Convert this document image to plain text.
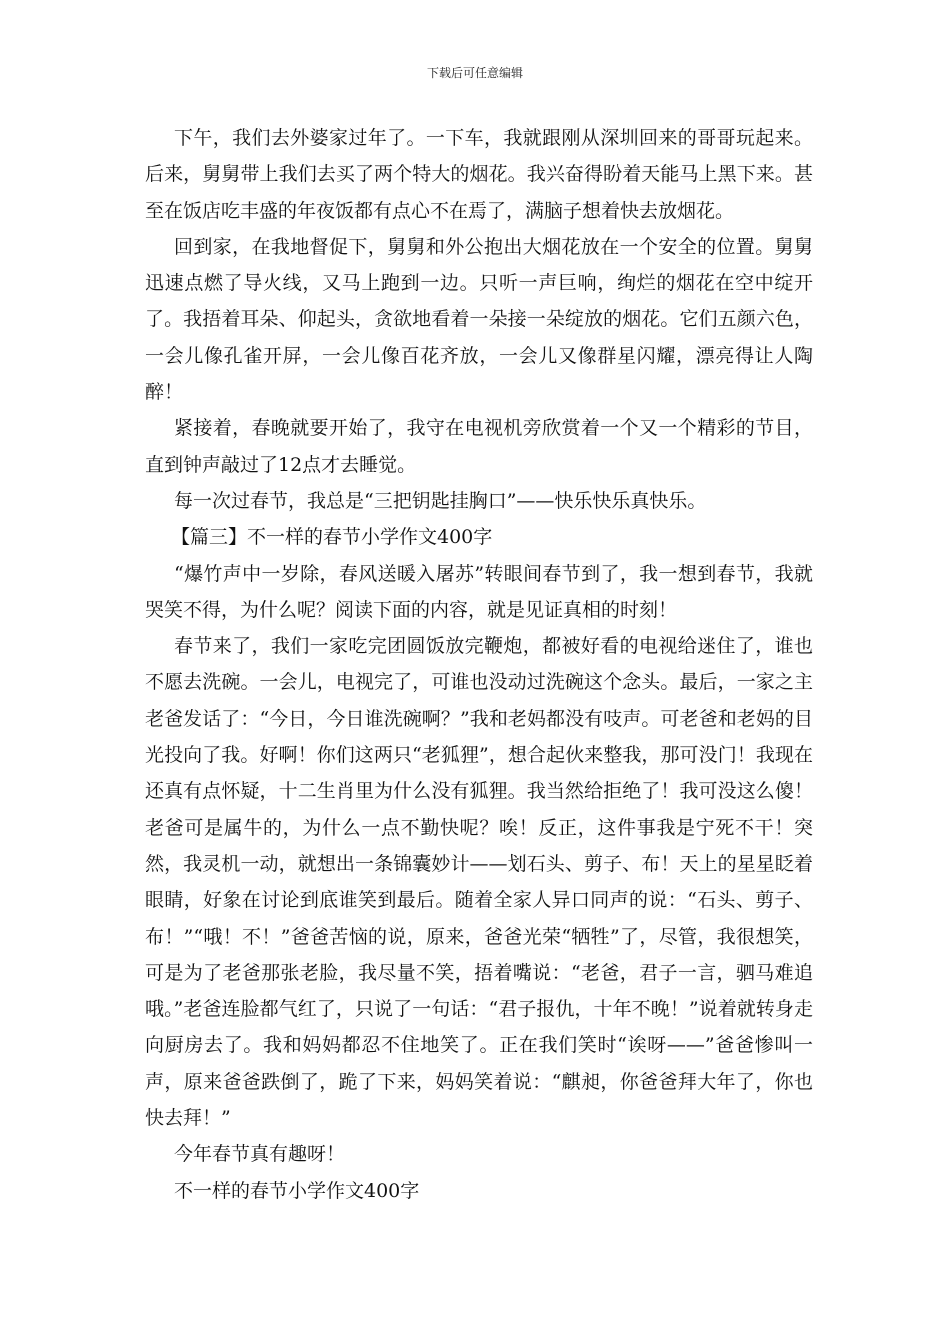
下载后可任意编辑

下午，我们去外婆家过年了。一下车，我就跟刚从深圳回来的哥哥玩起来。后来，舅舅带上我们去买了两个特大的烟花。我兴奋得盼着天能马上黑下来。甚至在饭店吃丰盛的年夜饭都有点心不在焉了，满脑子想着快去放烟花。

回到家，在我地督促下，舅舅和外公抱出大烟花放在一个安全的位置。舅舅迅速点燃了导火线，又马上跑到一边。只听一声巨响，绚烂的烟花在空中绽开了。我捂着耳朵、仰起头，贪欲地看着一朵接一朵绽放的烟花。它们五颜六色，一会儿像孔雀开屏，一会儿像百花齐放，一会儿又像群星闪耀，漂亮得让人陶醉！

紧接着，春晚就要开始了，我守在电视机旁欣赏着一个又一个精彩的节目，直到钟声敲过了12点才去睡觉。

每一次过春节，我总是“三把钥匙挂胸口”——快乐快乐真快乐。

【篇三】不一样的春节小学作文400字

“爆竹声中一岁除，春风送暖入屠苏”转眼间春节到了，我一想到春节，我就哭笑不得，为什么呢？阅读下面的内容，就是见证真相的时刻！

春节来了，我们一家吃完团圆饭放完鞭炮，都被好看的电视给迷住了，谁也不愿去洗碗。一会儿，电视完了，可谁也没动过洗碗这个念头。最后，一家之主老爸发话了：“今日，今日谁洗碗啊？”我和老妈都没有吱声。可老爸和老妈的目光投向了我。好啊！你们这两只“老狐狸”，想合起伙来整我，那可没门！我现在还真有点怀疑，十二生肖里为什么没有狐狸。我当然给拒绝了！我可没这么傻！老爸可是属牛的，为什么一点不勤快呢？唉！反正，这件事我是宁死不干！突然，我灵机一动，就想出一条锦囊妙计——划石头、剪子、布！天上的星星眨着眼睛，好象在讨论到底谁笑到最后。随着全家人异口同声的说：“石头、剪子、布！”“哦！不！”爸爸苦恼的说，原来，爸爸光荣“牺牲”了，尽管，我很想笑，可是为了老爸那张老脸，我尽量不笑，捂着嘴说：“老爸，君子一言，驷马难追哦。”老爸连脸都气红了，只说了一句话：“君子报仇，十年不晚！”说着就转身走向厨房去了。我和妈妈都忍不住地笑了。正在我们笑时“诶呀——”爸爸惨叫一声，原来爸爸跌倒了，跪了下来，妈妈笑着说：“麒昶，你爸爸拜大年了，你也快去拜！”

今年春节真有趣呀！

不一样的春节小学作文400字
